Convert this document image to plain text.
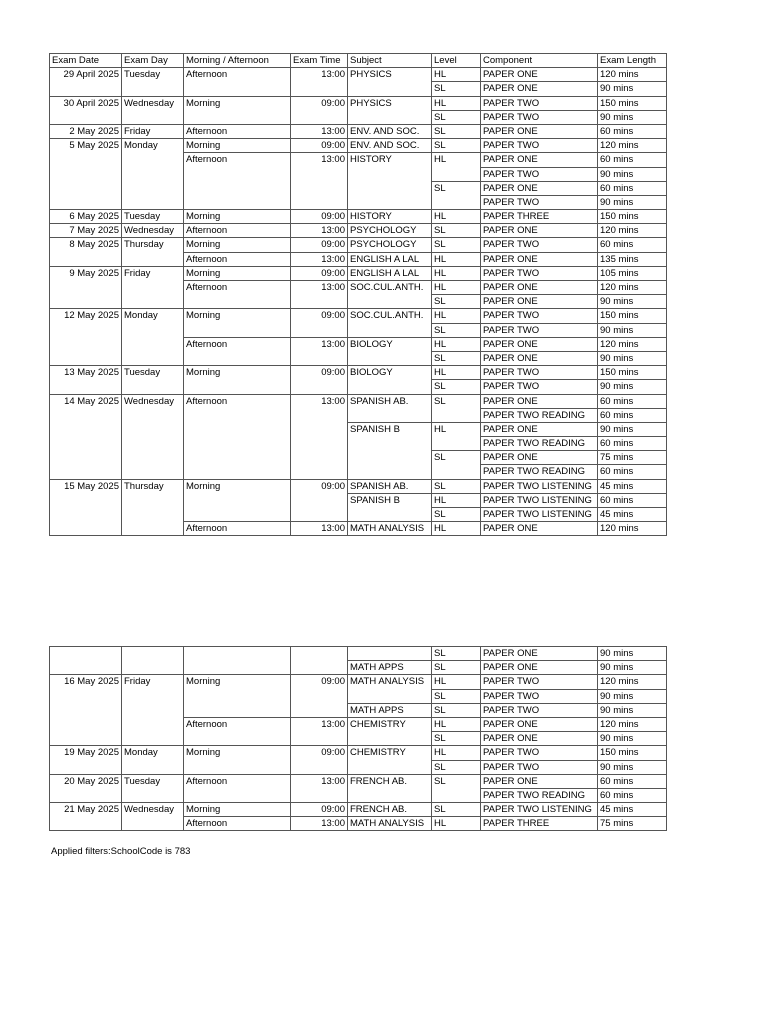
Exam Date	Exam Day	Morning / Afternoon	Exam Time	Subject	Level	Component	Exam Length
29 April 2025	Tuesday	Afternoon	13:00	PHYSICS	HL	PAPER ONE	120 mins
					SL	PAPER ONE	90 mins
30 April 2025	Wednesday	Morning	09:00	PHYSICS	HL	PAPER TWO	150 mins
					SL	PAPER TWO	90 mins
2 May 2025	Friday	Afternoon	13:00	ENV. AND SOC.	SL	PAPER ONE	60 mins
5 May 2025	Monday	Morning	09:00	ENV. AND SOC.	SL	PAPER TWO	120 mins
		Afternoon	13:00	HISTORY	HL	PAPER ONE	60 mins
						PAPER TWO	90 mins
					SL	PAPER ONE	60 mins
						PAPER TWO	90 mins
6 May 2025	Tuesday	Morning	09:00	HISTORY	HL	PAPER THREE	150 mins
7 May 2025	Wednesday	Afternoon	13:00	PSYCHOLOGY	SL	PAPER ONE	120 mins
8 May 2025	Thursday	Morning	09:00	PSYCHOLOGY	SL	PAPER TWO	60 mins
		Afternoon	13:00	ENGLISH A LAL	HL	PAPER ONE	135 mins
9 May 2025	Friday	Morning	09:00	ENGLISH A LAL	HL	PAPER TWO	105 mins
		Afternoon	13:00	SOC.CUL.ANTH.	HL	PAPER ONE	120 mins
					SL	PAPER ONE	90 mins
12 May 2025	Monday	Morning	09:00	SOC.CUL.ANTH.	HL	PAPER TWO	150 mins
					SL	PAPER TWO	90 mins
		Afternoon	13:00	BIOLOGY	HL	PAPER ONE	120 mins
					SL	PAPER ONE	90 mins
13 May 2025	Tuesday	Morning	09:00	BIOLOGY	HL	PAPER TWO	150 mins
					SL	PAPER TWO	90 mins
14 May 2025	Wednesday	Afternoon	13:00	SPANISH AB.	SL	PAPER ONE	60 mins
						PAPER TWO READING	60 mins
				SPANISH B	HL	PAPER ONE	90 mins
						PAPER TWO READING	60 mins
					SL	PAPER ONE	75 mins
						PAPER TWO READING	60 mins
15 May 2025	Thursday	Morning	09:00	SPANISH AB.	SL	PAPER TWO LISTENING	45 mins
				SPANISH B	HL	PAPER TWO LISTENING	60 mins
					SL	PAPER TWO LISTENING	45 mins
		Afternoon	13:00	MATH ANALYSIS	HL	PAPER ONE	120 mins
					SL	PAPER ONE	90 mins
				MATH APPS	SL	PAPER ONE	90 mins
16 May 2025	Friday	Morning	09:00	MATH ANALYSIS	HL	PAPER TWO	120 mins
					SL	PAPER TWO	90 mins
				MATH APPS	SL	PAPER TWO	90 mins
		Afternoon	13:00	CHEMISTRY	HL	PAPER ONE	120 mins
					SL	PAPER ONE	90 mins
19 May 2025	Monday	Morning	09:00	CHEMISTRY	HL	PAPER TWO	150 mins
					SL	PAPER TWO	90 mins
20 May 2025	Tuesday	Afternoon	13:00	FRENCH AB.	SL	PAPER ONE	60 mins
						PAPER TWO READING	60 mins
21 May 2025	Wednesday	Morning	09:00	FRENCH AB.	SL	PAPER TWO LISTENING	45 mins
		Afternoon	13:00	MATH ANALYSIS	HL	PAPER THREE	75 mins
Applied filters:SchoolCode is 783
